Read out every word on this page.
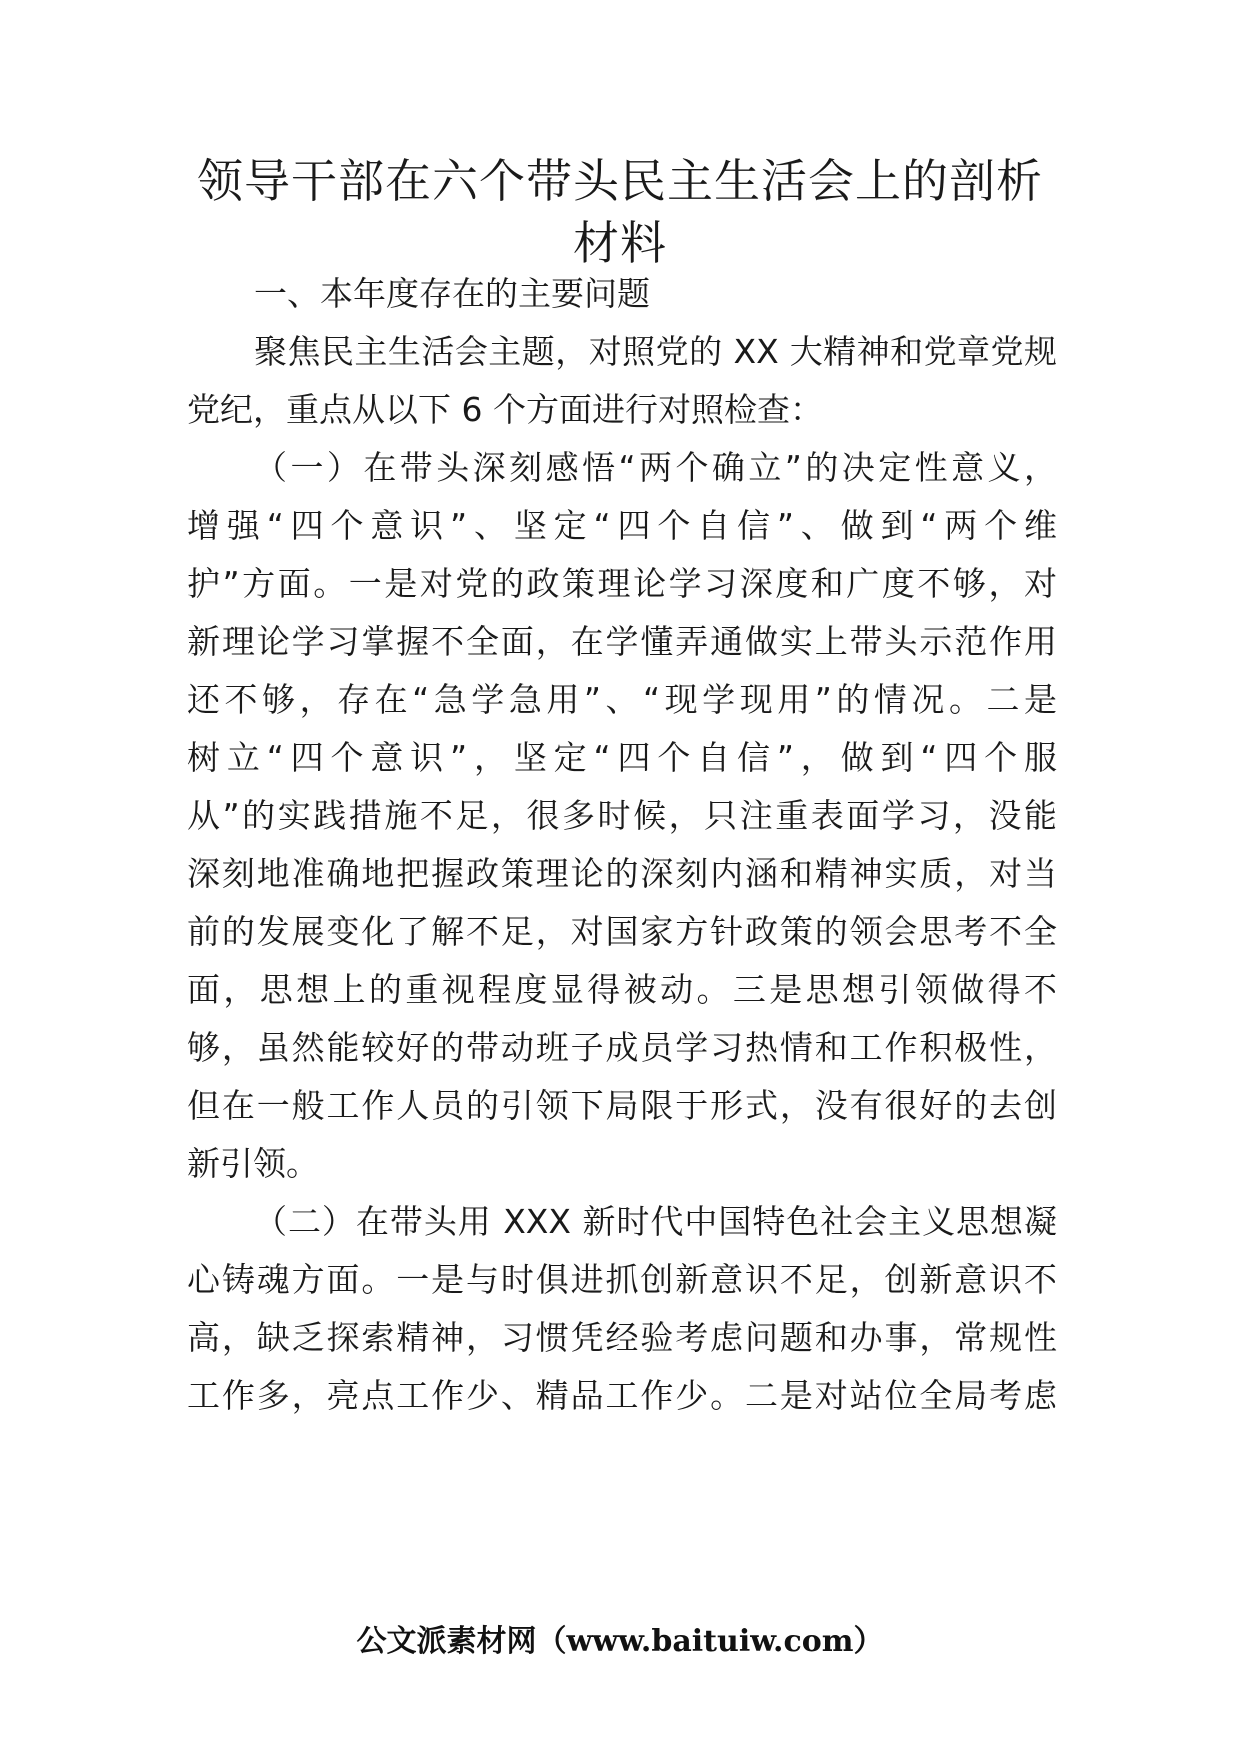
领导干部在六个带头民主生活会上的剖析
材料
一、本年度存在的主要问题
聚焦民主生活会主题，对照党的 XX 大精神和党章党规
党纪，重点从以下 6 个方面进行对照检查：
（一）在带头深刻感悟“两个确立”的决定性意义，
增强“四个意识”、坚定“四个自信”、做到“两个维
护”方面。一是对党的政策理论学习深度和广度不够，对
新理论学习掌握不全面，在学懂弄通做实上带头示范作用
还不够，存在“急学急用”、“现学现用”的情况。二是
树立“四个意识”，坚定“四个自信”，做到“四个服
从”的实践措施不足，很多时候，只注重表面学习，没能
深刻地准确地把握政策理论的深刻内涵和精神实质，对当
前的发展变化了解不足，对国家方针政策的领会思考不全
面，思想上的重视程度显得被动。三是思想引领做得不
够，虽然能较好的带动班子成员学习热情和工作积极性，
但在一般工作人员的引领下局限于形式，没有很好的去创
新引领。
（二）在带头用 XXX 新时代中国特色社会主义思想凝
心铸魂方面。一是与时俱进抓创新意识不足，创新意识不
高，缺乏探索精神，习惯凭经验考虑问题和办事，常规性
工作多，亮点工作少、精品工作少。二是对站位全局考虑
公文派素材网（www.baituiw.com）
